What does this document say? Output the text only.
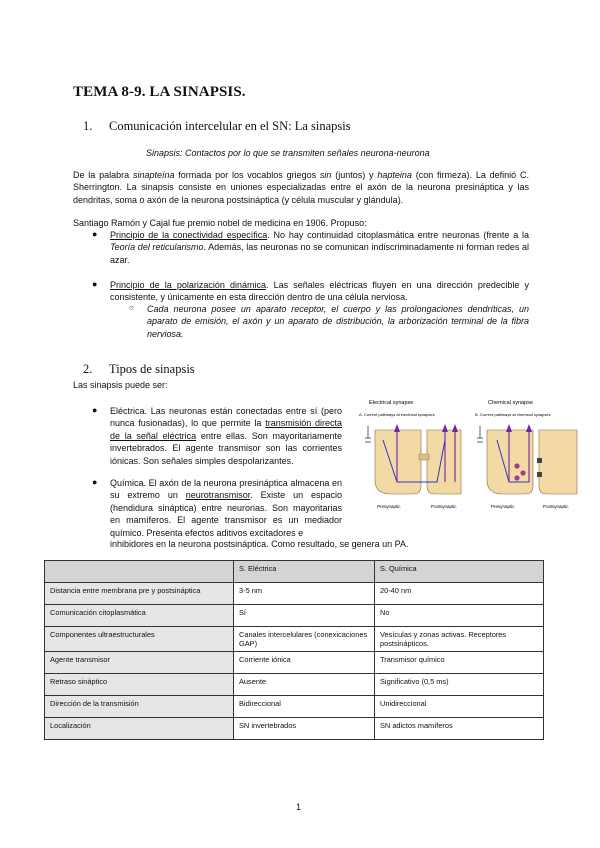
TEMA 8-9. LA SINAPSIS.
1. Comunicación intercelular en el SN: La sinapsis
Sinapsis: Contactos por lo que se transmiten señales neurona-neurona
De la palabra sinapteína formada por los vocablos griegos sin (juntos) y hapteina (con firmeza). La definió C. Sherrington. La sinapsis consiste en uniones especializadas entre el axón de la neurona presináptica y las dendritas, soma o axón de la neurona postsináptica (y célula muscular y glándula).
Santiago Ramón y Cajal fue premio nobel de medicina en 1906. Propuso:
● Principio de la conectividad específica. No hay continuidad citoplasmática entre neuronas (frente a la Teoría del reticularismo. Además, las neuronas no se comunican indiscriminadamente ni forman redes al azar.
● Principio de la polarización dinámica. Las señales eléctricas fluyen en una dirección predecible y consistente, y únicamente en esta dirección dentro de una célula nerviosa.
○ Cada neurona posee un aparato receptor, el cuerpo y las prolongaciones dendríticas, un aparato de emisión, el axón y un aparato de distribución, la arborización terminal de la fibra nerviosa.
2. Tipos de sinapsis
Las sinapsis puede ser:
● Eléctrica. Las neuronas están conectadas entre sí (pero nunca fusionadas), lo que permite la transmisión directa de la señal eléctrica entre ellas. Son mayoritariamente invertebrados. El agente transmisor son las corrientes iónicas. Son señales simples despolarizantes.
● Química. El axón de la neurona presináptica almacena en su extremo un neurotransmisor. Existe un espacio (hendidura sináptica) entre neuronas. Son mayoritarias en mamíferos. El agente transmisor es un mediador químico. Presenta efectos aditivos excitadores e
inhibidores en la neurona postsináptica. Como resultado, se genera un PA.
Electrical synapse
A. Current pathways at electrical synapses
Chemical synapse
B. Current pathways at chemical synapses
Presynaptic	Postsynaptic	Presynaptic	Postsynaptic
	S. Eléctrica	S. Química
Distancia entre membrana pre y postsináptica	3-5 nm	20-40 nm
Comunicación citoplasmática	Sí	No
Componentes ultraestructurales	Canales intercelulares (conexicaciones GAP)	Vesículas y zonas activas. Receptores postsinápticos.
Agente transmisor	Corriente iónica	Transmisor químico
Retraso sináptico	Ausente	Significativo (0,5 ms)
Dirección de la transmisión	Bidireccional	Unidireccional
Localización	SN invertebrados	SN adictos mamíferos
1
